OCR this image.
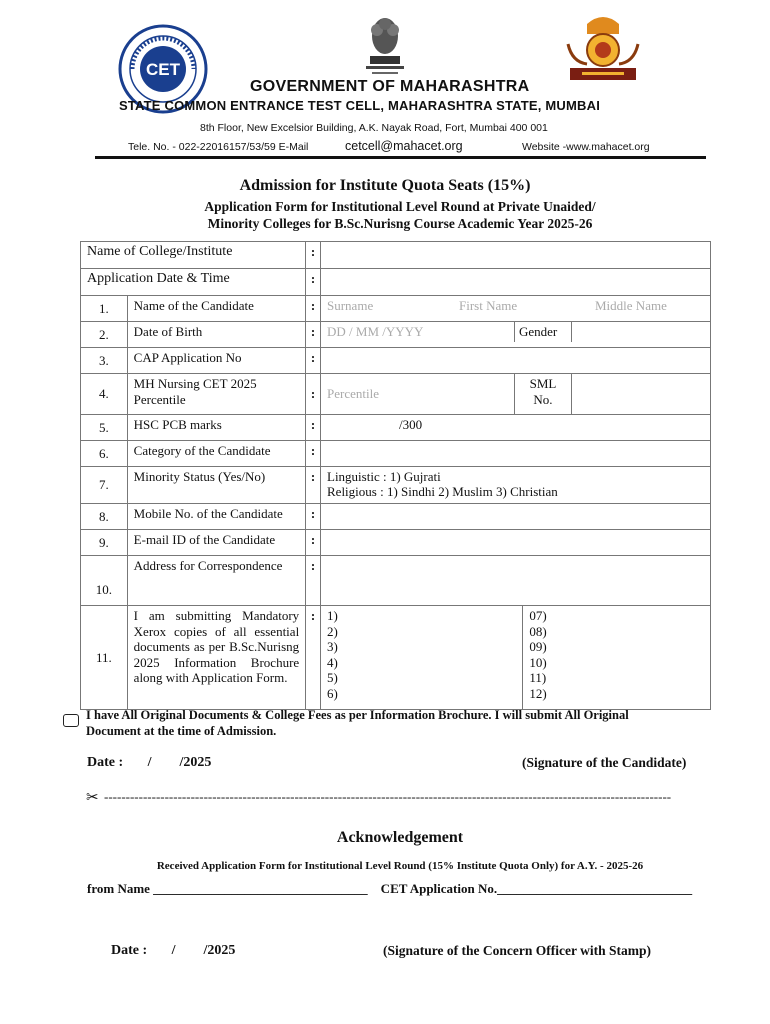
CET
GOVERNMENT OF MAHARASHTRA
STATE COMMON ENTRANCE TEST CELL, MAHARASHTRA STATE, MUMBAI
8th Floor, New Excelsior Building, A.K. Nayak Road, Fort, Mumbai 400 001
Tele. No. - 022-22016157/53/59 E-Mail	cetcell@mahacet.org	Website -www.mahacet.org
Admission for Institute Quota Seats (15%)
Application Form for Institutional Level Round at Private Unaided/
Minority Colleges for B.Sc.Nurisng Course Academic Year 2025-26
Name of College/Institute	:	
Application Date & Time	:	
1.	Name of the Candidate	:	Surname	First Name	Middle Name

2.	Date of Birth	:	DD / MM /YYYY	Gender	

3.	CAP Application No	:	
4.	MH Nursing CET 2025 Percentile	:	Percentile	SML No.	

5.	HSC PCB marks	:	/300
6.	Category of the Candidate	:	
7.	Minority Status (Yes/No)	:	Linguistic : 1) Gujrati
Religious : 1) Sindhi 2) Muslim 3) Christian

8.	Mobile No. of the Candidate	:	
9.	E-mail ID of the Candidate	:	
10.	Address for Correspondence	:	
11.	I am submitting Mandatory Xerox copies of all essential documents as per B.Sc.Nurisng 2025 Information Brochure along with Application Form.	:	1)
2)
3)
4)
5)
6)

07)
08)
09)
10)
11)
12)
I have All Original Documents & College Fees as per Information Brochure. I will submit All Original Document at the time of Admission.
Date :       /        /2025	(Signature of the Candidate)
✂ -----------------------------------------------------------------------------------------------------------------------------------
Acknowledgement
Received Application Form for Institutional Level Round (15% Institute Quota Only) for A.Y. - 2025-26
from Name _________________________________    CET Application No.______________________________
Date :       /        /2025	(Signature of the Concern Officer with Stamp)
